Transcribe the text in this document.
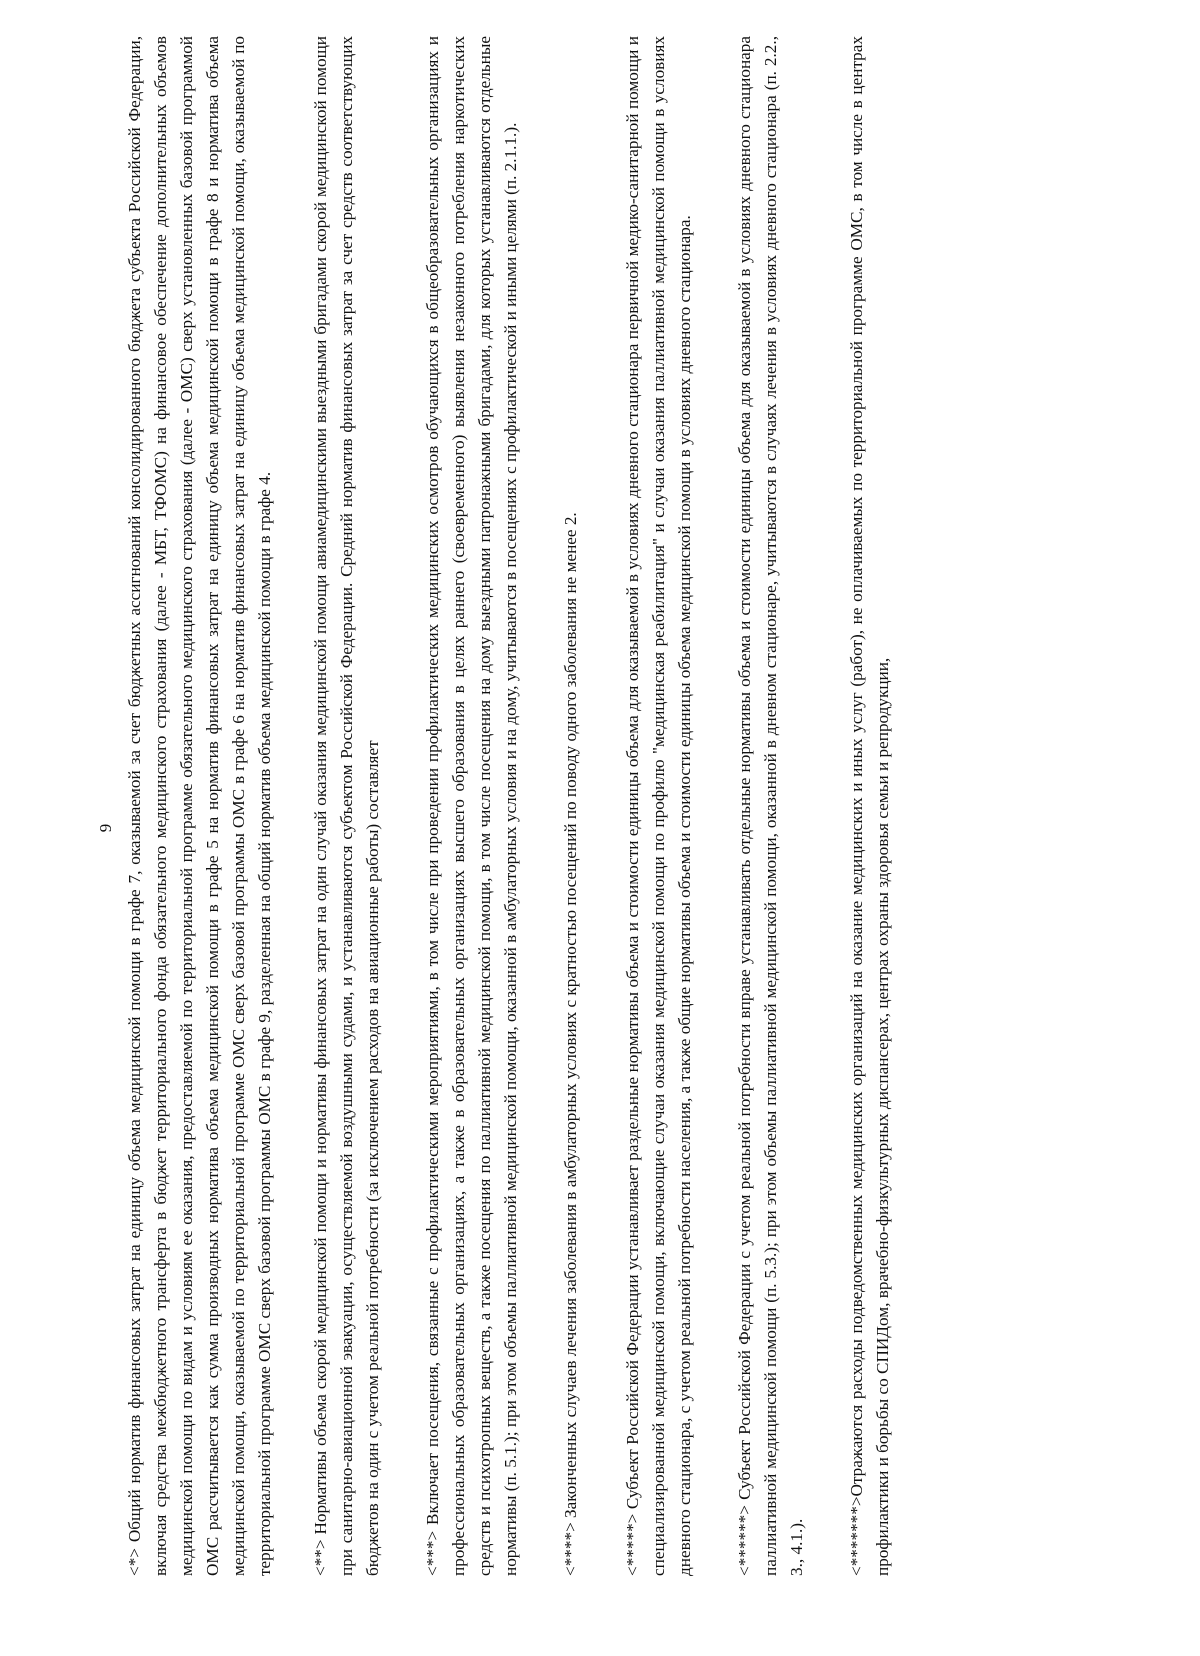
9 <*> Общий норматив финансовых затрат на единицу объема медицинской помощи в графе 7, оказываемой за счет бюджетных ассигнований консолидированного бюджета субъекта Российской Федерации, включая средства межбюджетного трансферта в бюджет территориального фонда обязательного медицинского страхования (далее - МБТ, ТФОМС) на финансовое обеспечение дополнительных объемов медицинской помощи по видам и условиям ее оказания, предоставляемой по территориальной программе обязательного медицинского страхования (далее - ОМС) сверх установленных базовой программой ОМС рассчитывается как сумма производных норматива объема медицинской помощи в графе 5 на норматив финансовых затрат на единицу объема медицинской помощи в графе 8 и норматива объема медицинской помощи, оказываемой по территориальной программе ОМС сверх базовой программы ОМС в графе 6 на норматив финансовых затрат на единицу объема медицинской помощи, оказываемой по территориальной программе ОМС сверх базовой программы ОМС в графе 9, разделенная на общий норматив объема медицинской помощи в графе 4. <**> Нормативы объема скорой медицинской помощи и нормативы финансовых затрат на один случай оказания медицинской помощи авиамедицинскими выездными бригадами скорой медицинской помощи при санитарно-авиационной эвакуации, осуществляемой воздушными судами, и устанавливаются субъектом Российской Федерации. Средний норматив финансовых затрат за счет средств соответствующих бюджетов на один с учетом реальной потребности (за исключением расходов на авиационные работы) составляет <***> Включает посещения, связанные с профилактическими мероприятиями, в том числе при проведении профилактических медицинских осмотров обучающихся в общеобразовательных организациях и профессиональных образовательных организациях, а также в образовательных организациях высшего образования в целях раннего (своевременного) выявления незаконного потребления наркотических средств и психотропных веществ, а также посещения по паллиативной медицинской помощи, в том числе посещения на дому выездными патронажными бригадами, для которых устанавливаются отдельные нормативы (п. 5.1.); при этом объемы паллиативной медицинской помощи, оказанной в амбулаторных условия и на дому, учитываются в посещениях с профилактической и иными целями (п. 2.1.1.). <****> Законченных случаев лечения заболевания в амбулаторных условиях с кратностью посещений по поводу одного заболевания не менее 2.	<*****> Субъект Российской Федерации устанавливает раздельные нормативы объема и стоимости единицы объема для оказываемой в условиях дневного стационара первичной медико-санитарной помощи и специализированной медицинской помощи, включающие случаи оказания медицинской помощи по профилю "медицинская реабилитация" и случаи оказания паллиативной медицинской помощи в условиях дневного стационара, с учетом реальной потребности населения, а также общие нормативы объема и стоимости единицы объема медицинской помощи в условиях дневного стационара. <******> Субъект Российской Федерации с учетом реальной потребности вправе устанавливать отдельные нормативы объема и стоимости единицы объема для оказываемой в условиях дневного стационара паллиативной медицинской помощи (п. 5.3.); при этом объемы паллиативной медицинской помощи, оказанной в дневном стационаре, учитываются в случаях лечения в условиях дневного стационара (п. 2.2., 3., 4.1.). <*******>Отражаются расходы подведомственных медицинских организаций на оказание медицинских и иных услуг (работ), не оплачиваемых по территориальной программе ОМС, в том числе в центрах профилактики и борьбы со СПИДом, врачебно-физкультурных диспансерах, центрах охраны здоровья семьи и репродукции,
